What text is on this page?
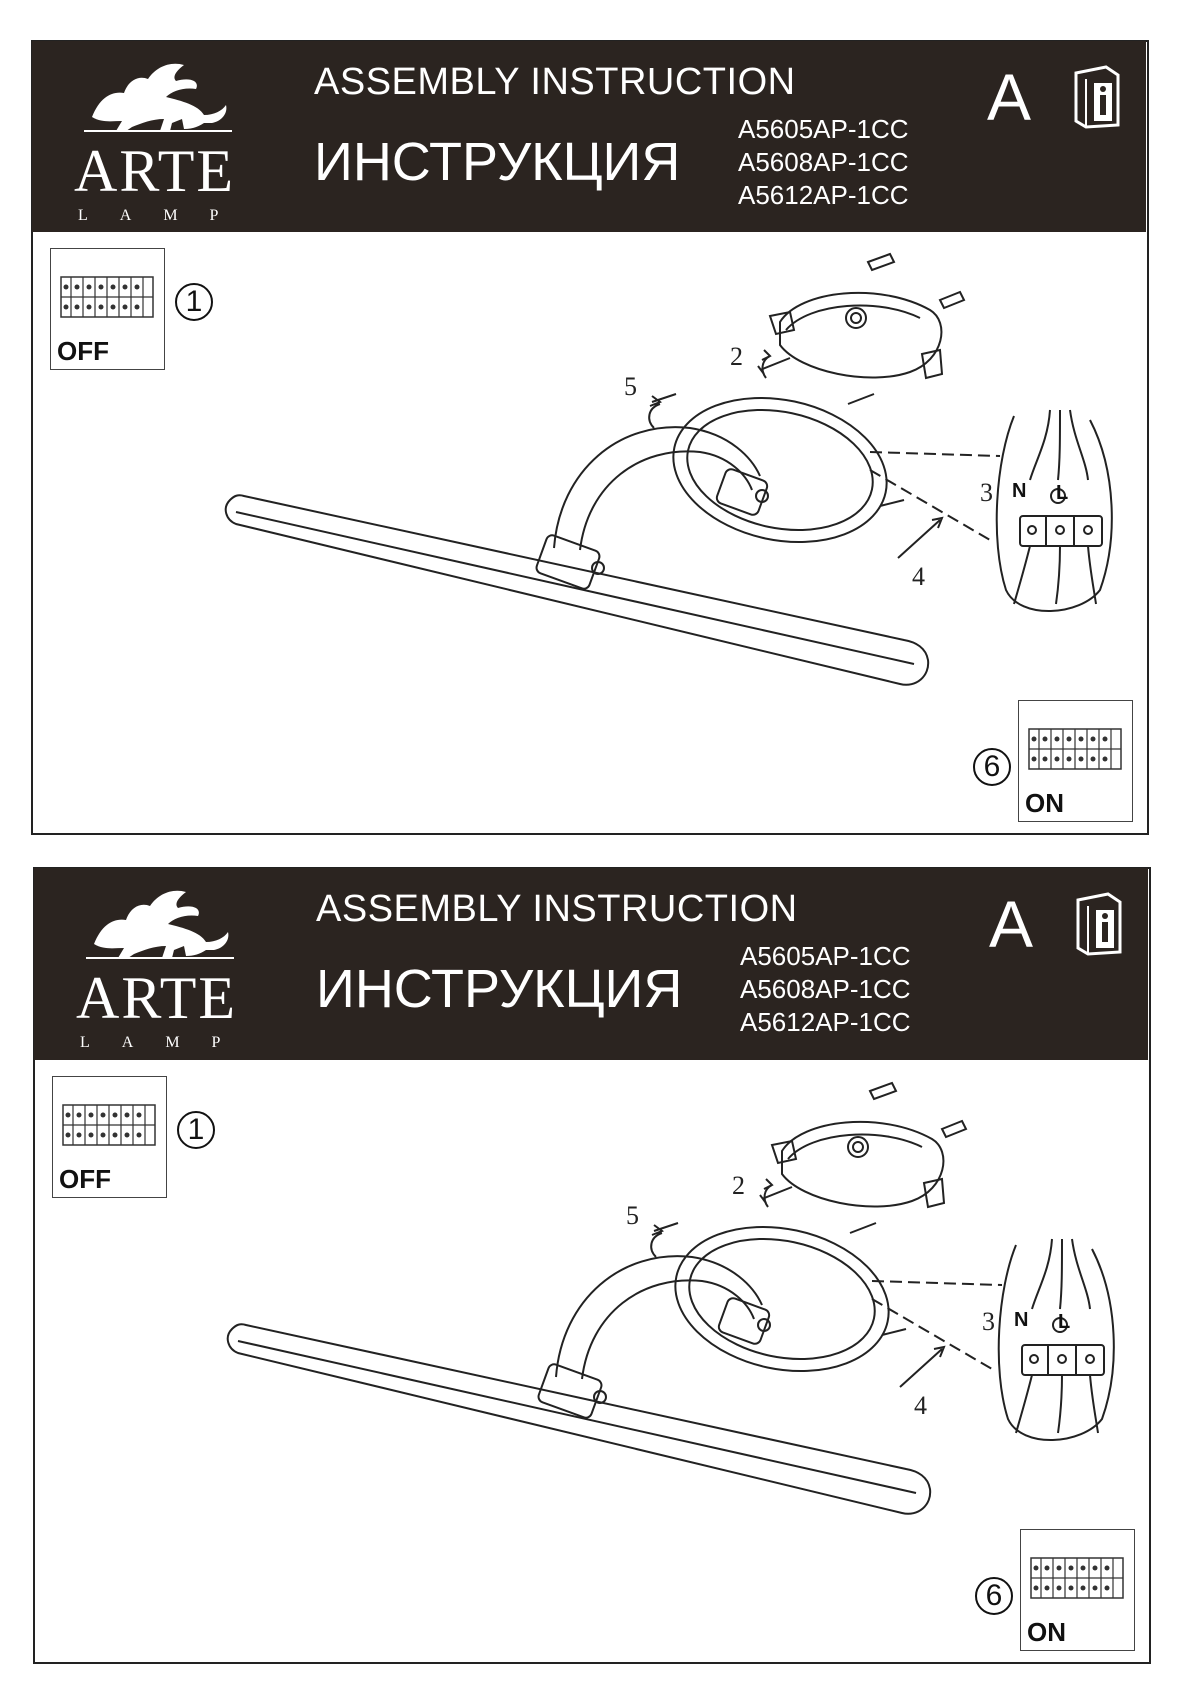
ARTE
LAMP
ASSEMBLY INSTRUCTION
ИНСТРУКЦИЯ
A5605AP-1CC
A5608AP-1CC
A5612AP-1CC
A
OFF
1
ON
6
2
3
4
5
N L
ARTE
LAMP
ASSEMBLY INSTRUCTION
ИНСТРУКЦИЯ
A5605AP-1CC
A5608AP-1CC
A5612AP-1CC
A
OFF
1
ON
6
2
3
4
5
N L
